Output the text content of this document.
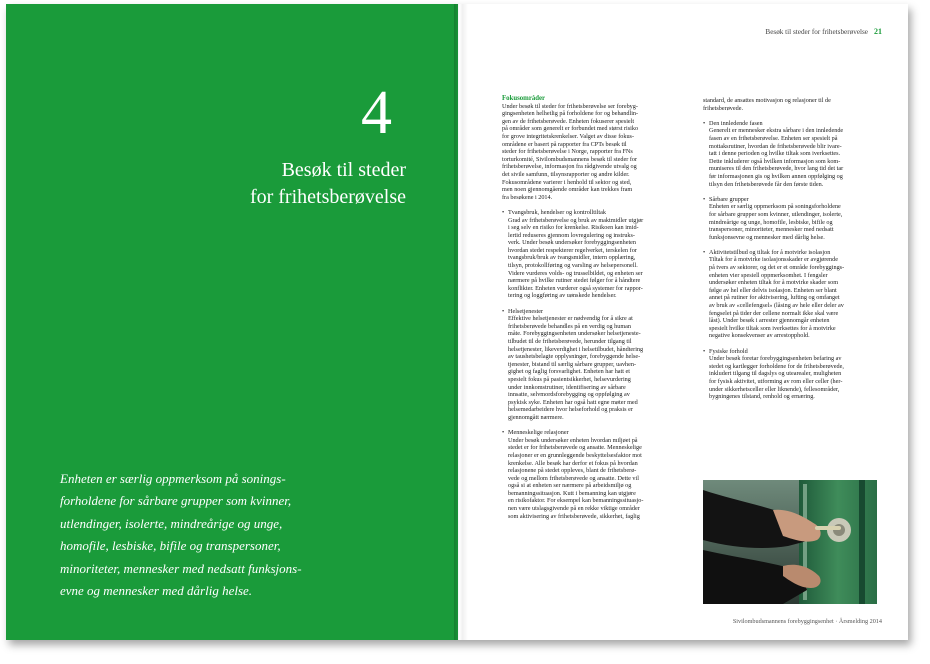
4
Besøk til steder
for frihetsberøvelse
Enheten er særlig oppmerksom på sonings-
forholdene for sårbare grupper som kvinner,
utlendinger, isolerte, mindreårige og unge,
homofile, lesbiske, bifile og transpersoner,
minoriteter, mennesker med nedsatt funksjons-
evne og mennesker med dårlig helse.
Besøk til steder for frihetsberøvelse 21
Fokusområder
Under besøk til steder for frihetsberøvelse ser forebyg-
gingsenheten helhetlig på forholdene for og behandlin-
gen av de frihetsberøvede. Enheten fokuserer spesielt
på områder som generelt er forbundet med størst risiko
for grove integritetskrenkelser. Valget av disse fokus-
områdene er basert på rapporter fra CPTs besøk til
steder for frihetsberøvelse i Norge, rapporter fra FNs
torturkomité, Sivilombudsmannens besøk til steder for
frihetsberøvelse, informasjon fra rådgivende utvalg og
det sivile samfunn, tilsynsrapporter og andre kilder.
Fokusområdene varierer i henhold til sektor og sted,
men noen gjennomgående områder kan trekkes fram
fra besøkene i 2014.
• Tvangsbruk, hendelser og kontrolltiltak
Grad av frihetsberøvelse og bruk av maktmidler utgjør
i seg selv en risiko for krenkelse. Risikoen kan imid-
lertid reduseres gjennom lovregulering og instruks-
verk. Under besøk undersøker forebyggingsenheten
hvordan stedet respekterer regelverket, terskelen for
tvangsbruk/bruk av tvangsmidler, intern opplæring,
tilsyn, protokollføring og varsling av helsepersonell.
Videre vurderes volds- og trusselbildet, og enheten ser
nærmere på hvilke rutiner stedet følger for å håndtere
konflikter. Enheten vurderer også systemer for rappor-
tering og loggføring av uønskede hendelser.
• Helsetjenester
Effektive helsetjenester er nødvendig for å sikre at
frihetsberøvede behandles på en verdig og human
måte. Forebyggingsenheten undersøker helsetjeneste-
tilbudet til de frihetsberøvede, herunder tilgang til
helsetjenester, likeverdighet i helsetilbudet, håndtering
av taushetsbelagte opplysninger, forebyggende helse-
tjenester, bistand til særlig sårbare grupper, uavhen-
gighet og faglig forsvarlighet. Enheten har hatt et
spesielt fokus på pasientsikkerhet, helsevurdering
under innkomstrutiner, identifisering av sårbare
innsatte, selvmordsforebygging og oppfølging av
psykisk syke. Enheten har også hatt egne møter med
helsemedarbeidere hvor helseforhold og praksis er
gjennomgått nærmere.
• Menneskelige relasjoner
Under besøk undersøker enheten hvordan miljøet på
stedet er for frihetsberøvede og ansatte. Menneskelige
relasjoner er en grunnleggende beskyttelsesfaktor mot
krenkelse. Alle besøk har derfor et fokus på hvordan
relasjonene på stedet oppleves, blant de frihetsberø-
vede og mellom frihetsberøvede og ansatte. Dette vil
også si at enheten ser nærmere på arbeidsmiljø og
bemanningssituasjon. Kutt i bemanning kan utgjøre
en risikofaktor. For eksempel kan bemanningssituasjo-
nen være utslagsgivende på en rekke viktige områder
som aktivisering av frihetsberøvede, sikkerhet, faglig
standard, de ansattes motivasjon og relasjoner til de
frihetsberøvede.
• Den innledende fasen
Generelt er mennesker ekstra sårbare i den innledende
fasen av en frihetsberøvelse. Enheten ser spesielt på
mottaksrutiner, hvordan de frihetsberøvede blir ivare-
tatt i denne perioden og hvilke tiltak som iverksettes.
Dette inkluderer også hvilken informasjon som kom-
muniseres til den frihetsberøvede, hvor lang tid det tar
før informasjonen gis og hvilken annen oppfølging og
tilsyn den frihetsberøvede får den første tiden.
• Sårbare grupper
Enheten er særlig oppmerksom på soningsforholdene
for sårbare grupper som kvinner, utlendinger, isolerte,
mindreårige og unge, homofile, lesbiske, bifile og
transpersoner, minoriteter, mennesker med nedsatt
funksjonsevne og mennesker med dårlig helse.
• Aktivitetstilbud og tiltak for å motvirke isolasjon
Tiltak for å motvirke isolasjonsskader er avgjørende
på tvers av sektorer, og det er et område forebyggings-
enheten vier spesiell oppmerksomhet. I fengsler
undersøker enheten tiltak for å motvirke skader som
følge av hel eller delvis isolasjon. Enheten ser blant
annet på rutiner for aktivisering, lufting og omfanget
av bruk av «cellefengsel» (låsing av hele eller deler av
fengselet på tider der cellene normalt ikke skal være
låst). Under besøk i arrester gjennomgår enheten
spesielt hvilke tiltak som iverksettes for å motvirke
negative konsekvenser av arrestopphold.
• Fysiske forhold
Under besøk foretar forebyggingsenheten befaring av
stedet og kartlegger forholdene for de frihetsberøvede,
inkludert tilgang til dagslys og utearealer, muligheten
for fysisk aktivitet, utforming av rom eller celler (her-
under sikkerhetsceller eller liknende), fellesområder,
bygningenes tilstand, renhold og ernæring.
Sivilombudsmannens forebyggingsenhet · Årsmelding 2014
